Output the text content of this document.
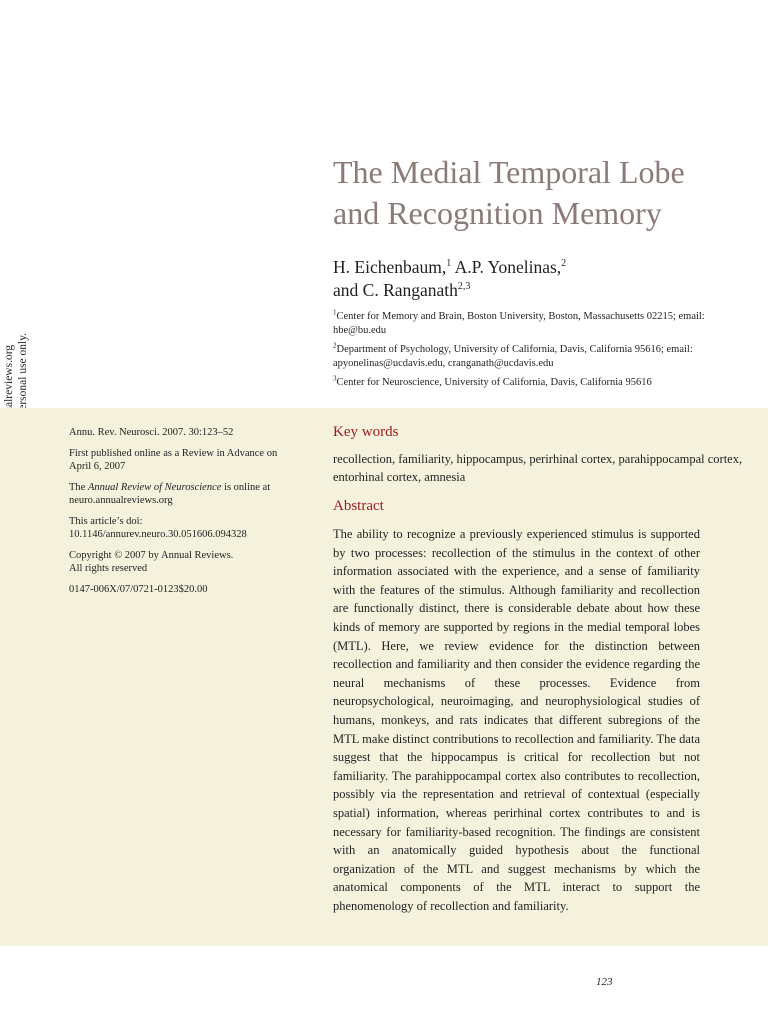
The Medial Temporal Lobe
and Recognition Memory
H. Eichenbaum,$^1$ A.P. Yonelinas,$^2$
and C. Ranganath$^{2,3}$
$^1$Center for Memory and Brain, Boston University, Boston, Massachusetts 02215; email: hbe@bu.edu
$^2$Department of Psychology, University of California, Davis, California 95616; email: apyonelinas@ucdavis.edu, cranganath@ucdavis.edu
$^3$Center for Neuroscience, University of California, Davis, California 95616

Annu. Rev. Neurosci. 2007. 30:123–52

First published online as a Review in Advance on April 6, 2007

The Annual Review of Neuroscience is online at neuro.annualreviews.org

This article’s doi:
10.1146/annurev.neuro.30.051606.094328

Copyright © 2007 by Annual Reviews.
All rights reserved

0147-006X/07/0721-0123$20.00

Key words
recollection, familiarity, hippocampus, perirhinal cortex, parahippocampal cortex, entorhinal cortex, amnesia
Abstract

The ability to recognize a previously experienced stimulus is supported by two processes: recollection of the stimulus in the context of other information associated with the experience, and a sense of familiarity with the features of the stimulus. Although familiarity and recollection are functionally distinct, there is considerable debate about how these kinds of memory are supported by regions in the medial temporal lobes (MTL). Here, we review evidence for the distinction between recollection and familiarity and then consider the evidence regarding the neural mechanisms of these processes. Evidence from neuropsychological, neuroimaging, and neurophysiological studies of humans, monkeys, and rats indicates that different subregions of the MTL make distinct contributions to recollection and familiarity. The data suggest that the hippocampus is critical for recollection but not familiarity. The parahippocampal cortex also contributes to recollection, possibly via the representation and retrieval of contextual (especially spatial) information, whereas perirhinal cortex contributes to and is necessary for familiarity-based recognition. The findings are consistent with an anatomically guided hypothesis about the functional organization of the MTL and suggest mechanisms by which the anatomical components of the MTL interact to support the phenomenology of recollection and familiarity.

123
